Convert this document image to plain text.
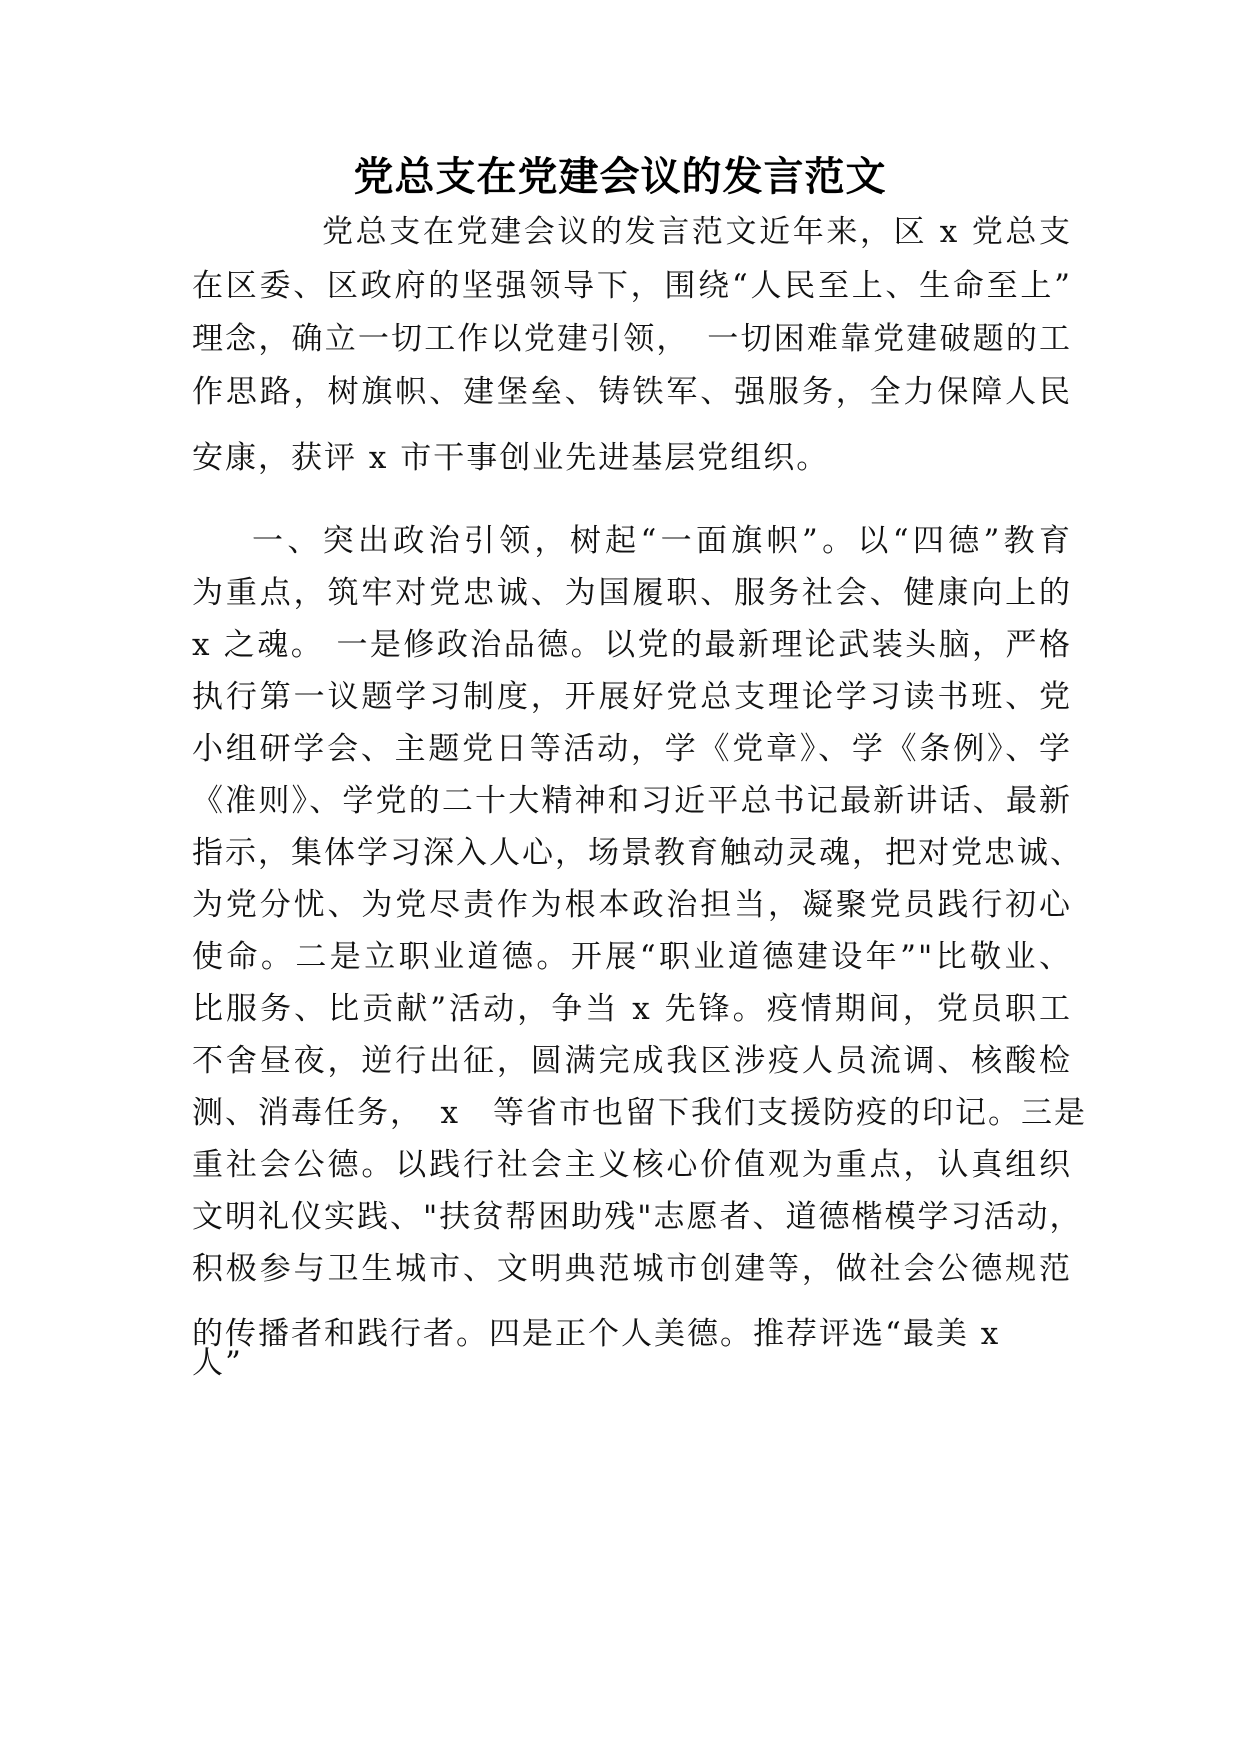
党总支在党建会议的发言范文
党总支在党建会议的发言范文近年来，区 x 党总支
在区委、区政府的坚强领导下，围绕“人民至上、生命至上”
理念，确立一切工作以党建引领，　一切困难靠党建破题的工
作思路，树旗帜、建堡垒、铸铁军、强服务，全力保障人民
安康，获评 x 市干事创业先进基层党组织。
一、突出政治引领，树起“一面旗帜”。以“四德”教育
为重点，筑牢对党忠诚、为国履职、服务社会、健康向上的
x 之魂。 一是修政治品德。以党的最新理论武装头脑，严格
执行第一议题学习制度，开展好党总支理论学习读书班、党
小组研学会、主题党日等活动，学《党章》、学《条例》、学
《准则》、学党的二十大精神和习近平总书记最新讲话、最新
指示，集体学习深入人心，场景教育触动灵魂，把对党忠诚、
为党分忧、为党尽责作为根本政治担当，凝聚党员践行初心
使命。二是立职业道德。开展“职业道德建设年”"比敬业、
比服务、比贡献”活动，争当 x 先锋。疫情期间，党员职工
不舍昼夜，逆行出征，圆满完成我区涉疫人员流调、核酸检
测、消毒任务，　x　等省市也留下我们支援防疫的印记。三是
重社会公德。以践行社会主义核心价值观为重点，认真组织
文明礼仪实践、"扶贫帮困助残"志愿者、道德楷模学习活动，
积极参与卫生城市、文明典范城市创建等，做社会公德规范
的传播者和践行者。四是正个人美德。推荐评选“最美 x
人”
